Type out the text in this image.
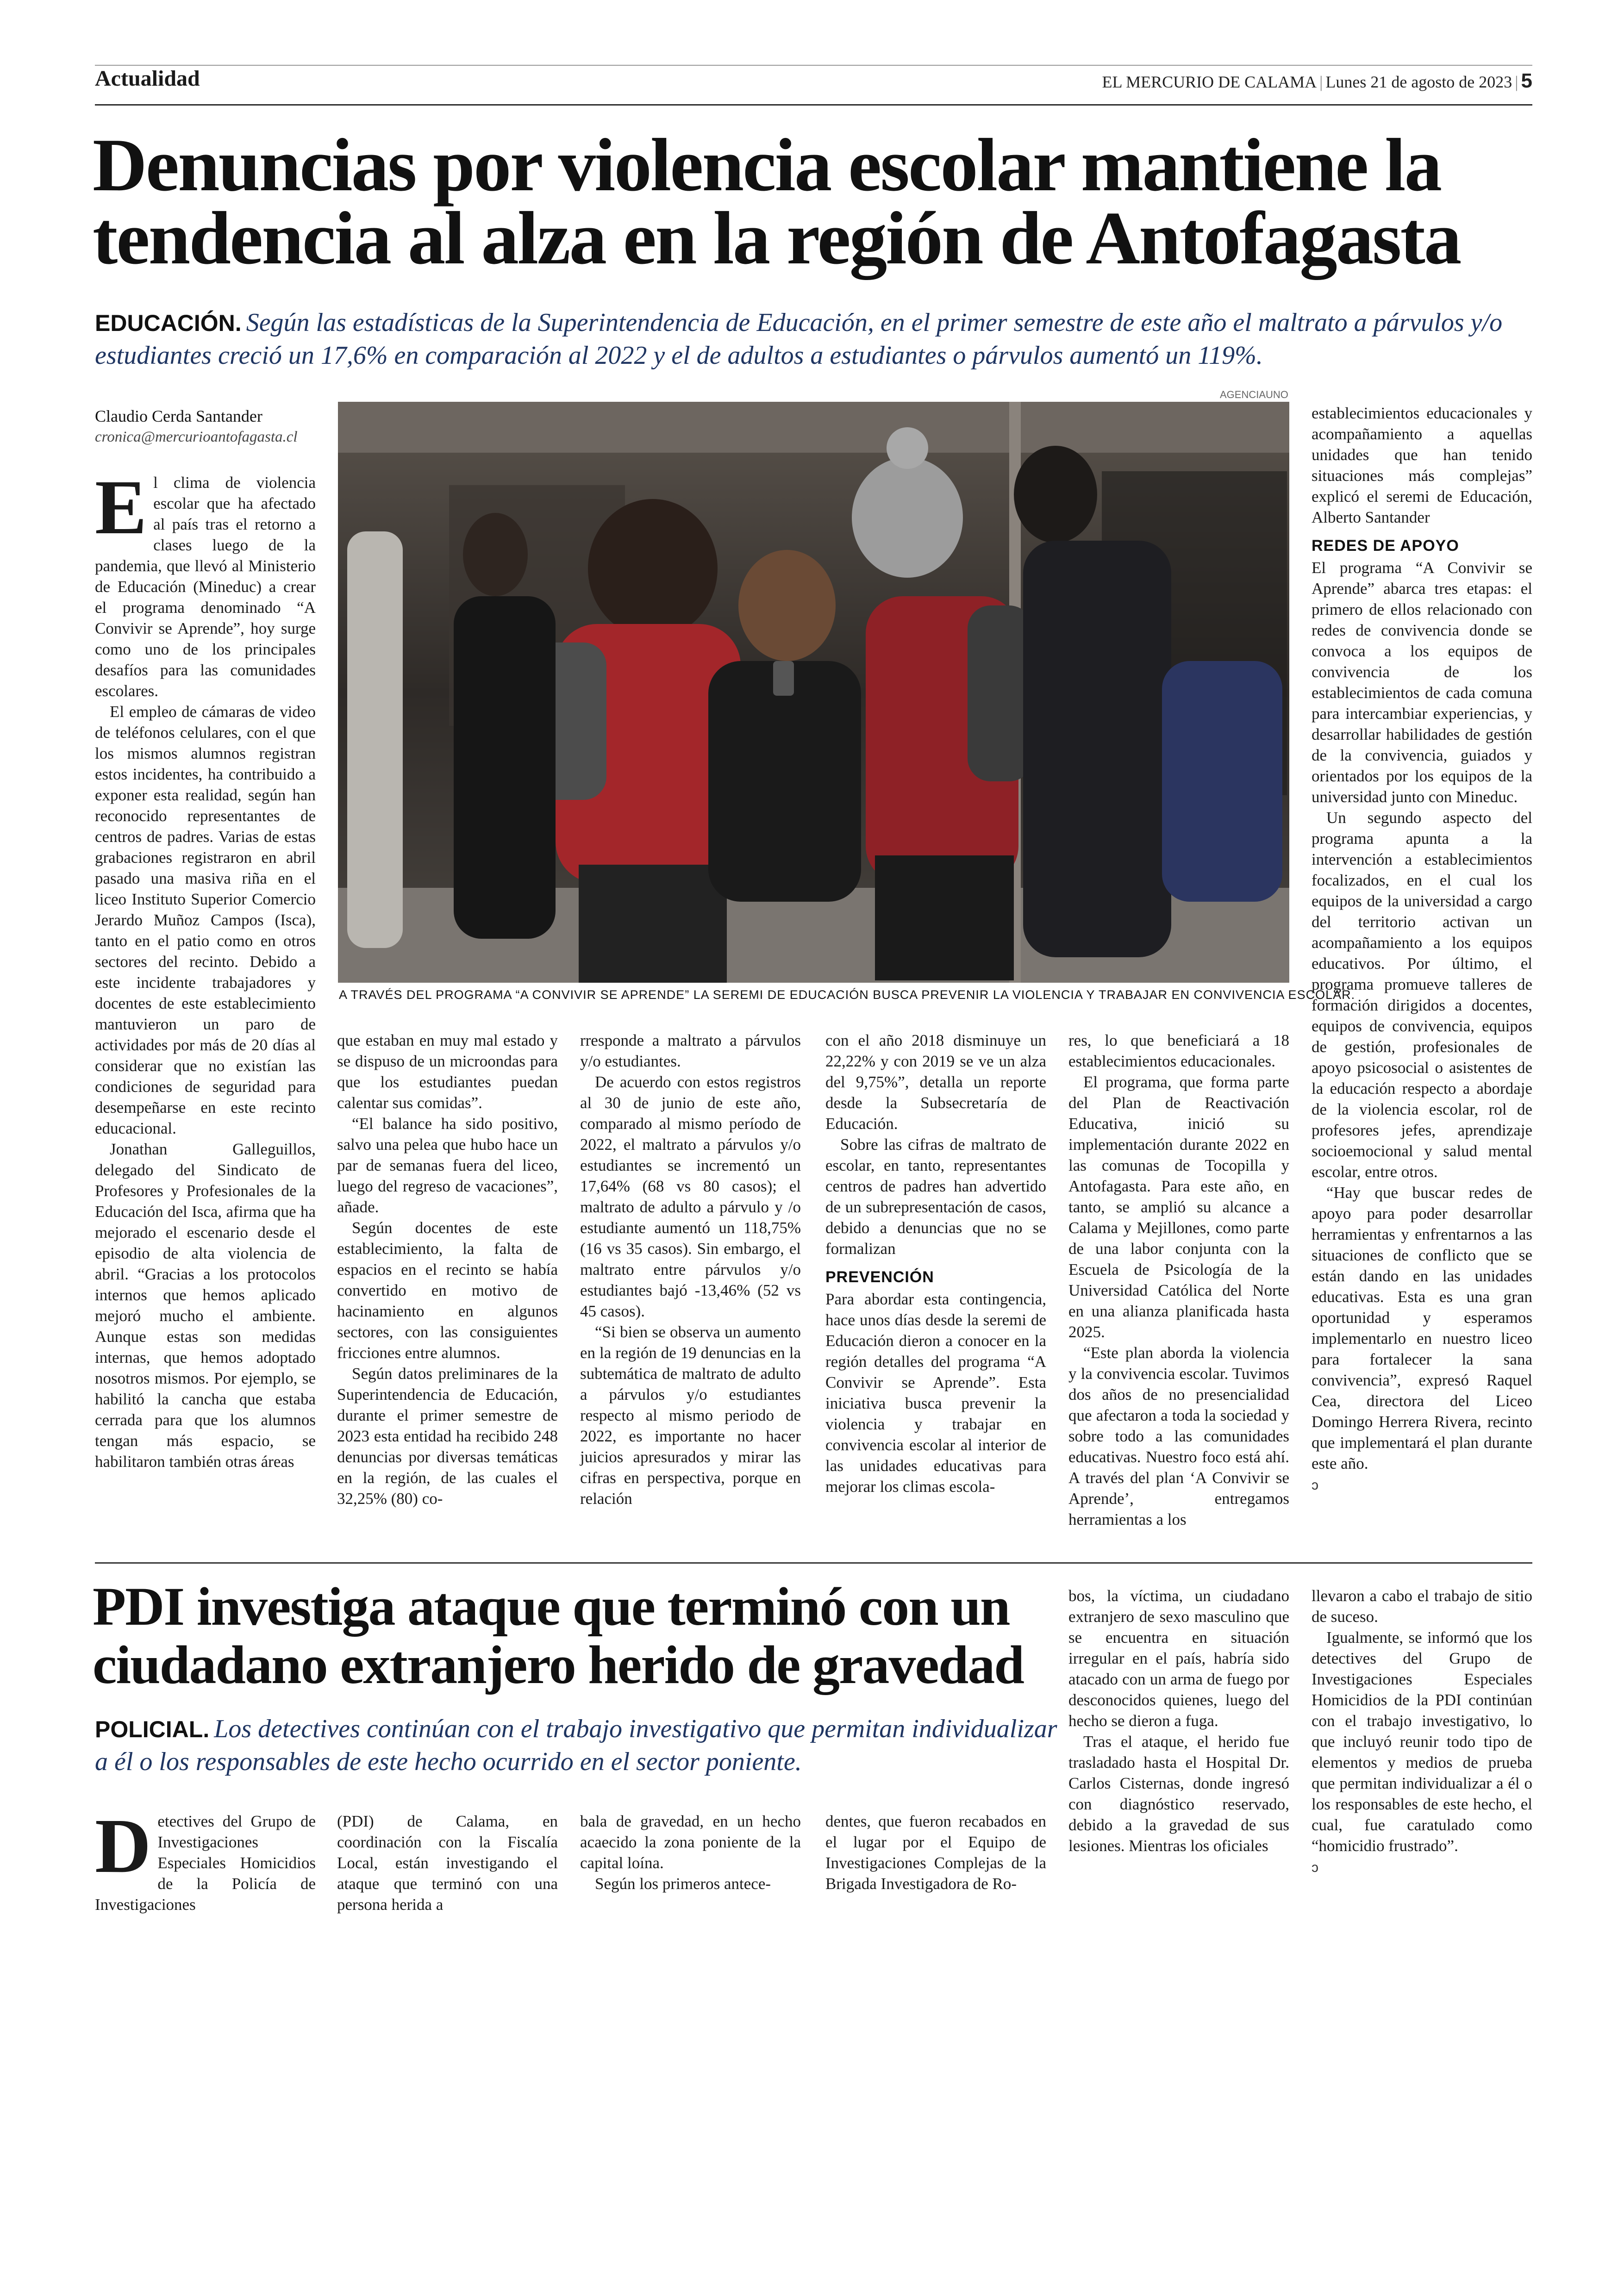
Actualidad	EL MERCURIO DE CALAMA | Lunes 21 de agosto de 2023 | 5
Denuncias por violencia escolar mantiene la
tendencia al alza en la región de Antofagasta
EDUCACIÓN. Según las estadísticas de la Superintendencia de Educación, en el primer semestre de este año el maltrato a párvulos y/o estudiantes creció un 17,6% en comparación al 2022 y el de adultos a estudiantes o párvulos aumentó un 119%.
Claudio Cerda Santander
cronica@mercurioantofagasta.cl
AGENCIAUNO
A TRAVÉS DEL PROGRAMA “A CONVIVIR SE APRENDE” LA SEREMI DE EDUCACIÓN BUSCA PREVENIR LA VIOLENCIA Y TRABAJAR EN CONVIVENCIA ESCOLAR.
E l clima de violencia escolar que ha afectado al país tras el retorno a clases luego de la pandemia, que llevó al Ministerio de Educación (Mineduc) a crear el programa denominado “A Convivir se Aprende”, hoy surge como uno de los principales desafíos para las comunidades escolares.

El empleo de cámaras de video de teléfonos celulares, con el que los mismos alumnos registran estos incidentes, ha contribuido a exponer esta realidad, según han reconocido representantes de centros de padres. Varias de estas grabaciones registraron en abril pasado una masiva riña en el liceo Instituto Superior Comercio Jerardo Muñoz Campos (Isca), tanto en el patio como en otros sectores del recinto. Debido a este incidente trabajadores y docentes de este establecimiento mantuvieron un paro de actividades por más de 20 días al considerar que no existían las condiciones de seguridad para desempeñarse en este recinto educacional.

Jonathan Galleguillos, delegado del Sindicato de Profesores y Profesionales de la Educación del Isca, afirma que ha mejorado el escenario desde el episodio de alta violencia de abril. “Gracias a los protocolos internos que hemos aplicado mejoró mucho el ambiente. Aunque estas son medidas internas, que hemos adoptado nosotros mismos. Por ejemplo, se habilitó la cancha que estaba cerrada para que los alumnos tengan más espacio, se habilitaron también otras áreas

que estaban en muy mal estado y se dispuso de un microondas para que los estudiantes puedan calentar sus comidas”.

“El balance ha sido positivo, salvo una pelea que hubo hace un par de semanas fuera del liceo, luego del regreso de vacaciones”, añade.

Según docentes de este establecimiento, la falta de espacios en el recinto se había convertido en motivo de hacinamiento en algunos sectores, con las consiguientes fricciones entre alumnos.

Según datos preliminares de la Superintendencia de Educación, durante el primer semestre de 2023 esta entidad ha recibido 248 denuncias por diversas temáticas en la región, de las cuales el 32,25% (80) co-

rresponde a maltrato a párvulos y/o estudiantes.

De acuerdo con estos registros al 30 de junio de este año, comparado al mismo período de 2022, el maltrato a párvulos y/o estudiantes se incrementó un 17,64% (68 vs 80 casos); el maltrato de adulto a párvulo y /o estudiante aumentó un 118,75% (16 vs 35 casos). Sin embargo, el maltrato entre párvulos y/o estudiantes bajó -13,46% (52 vs 45 casos).

“Si bien se observa un aumento en la región de 19 denuncias en la subtemática de maltrato de adulto a párvulos y/o estudiantes respecto al mismo periodo de 2022, es importante no hacer juicios apresurados y mirar las cifras en perspectiva, porque en relación

con el año 2018 disminuye un 22,22% y con 2019 se ve un alza del 9,75%”, detalla un reporte desde la Subsecretaría de Educación.

Sobre las cifras de maltrato de escolar, en tanto, representantes centros de padres han advertido de un subrepresentación de casos, debido a denuncias que no se formalizan

PREVENCIÓN

Para abordar esta contingencia, hace unos días desde la seremi de Educación dieron a conocer en la región detalles del programa “A Convivir se Aprende”. Esta iniciativa busca prevenir la violencia y trabajar en convivencia escolar al interior de las unidades educativas para mejorar los climas escola-

res, lo que beneficiará a 18 establecimientos educacionales.

El programa, que forma parte del Plan de Reactivación Educativa, inició su implementación durante 2022 en las comunas de Tocopilla y Antofagasta. Para este año, en tanto, se amplió su alcance a Calama y Mejillones, como parte de una labor conjunta con la Escuela de Psicología de la Universidad Católica del Norte en una alianza planificada hasta 2025.

“Este plan aborda la violencia y la convivencia escolar. Tuvimos dos años de no presencialidad que afectaron a toda la sociedad y sobre todo a las comunidades educativas. Nuestro foco está ahí. A través del plan ‘A Convivir se Aprende’, entregamos herramientas a los

establecimientos educacionales y acompañamiento a aquellas unidades que han tenido situaciones más complejas” explicó el seremi de Educación, Alberto Santander

REDES DE APOYO

El programa “A Convivir se Aprende” abarca tres etapas: el primero de ellos relacionado con redes de convivencia donde se convoca a los equipos de convivencia de los establecimientos de cada comuna para intercambiar experiencias, y desarrollar habilidades de gestión de la convivencia, guiados y orientados por los equipos de la universidad junto con Mineduc.

Un segundo aspecto del programa apunta a la intervención a establecimientos focalizados, en el cual los equipos de la universidad a cargo del territorio activan un acompañamiento a los equipos educativos. Por último, el programa promueve talleres de formación dirigidos a docentes, equipos de convivencia, equipos de gestión, profesionales de apoyo psicosocial o asistentes de la educación respecto a abordaje de la violencia escolar, rol de profesores jefes, aprendizaje socioemocional y salud mental escolar, entre otros.

“Hay que buscar redes de apoyo para poder desarrollar herramientas y enfrentarnos a las situaciones de conflicto que se están dando en las unidades educativas. Esta es una gran oportunidad y esperamos implementarlo en nuestro liceo para fortalecer la sana convivencia”, expresó Raquel Cea, directora del Liceo Domingo Herrera Rivera, recinto que implementará el plan durante este año.

ↄ
PDI investiga ataque que terminó con un
ciudadano extranjero herido de gravedad
POLICIAL. Los detectives continúan con el trabajo investigativo que permitan individualizar a él o los responsables de este hecho ocurrido en el sector poniente.
D etectives del Grupo de Investigaciones Especiales Homicidios de la Policía de Investigaciones

(PDI) de Calama, en coordinación con la Fiscalía Local, están investigando el ataque que terminó con una persona herida a

bala de gravedad, en un hecho acaecido la zona poniente de la capital loína.

Según los primeros antece-

dentes, que fueron recabados en el lugar por el Equipo de Investigaciones Complejas de la Brigada Investigadora de Ro-

bos, la víctima, un ciudadano extranjero de sexo masculino que se encuentra en situación irregular en el país, habría sido atacado con un arma de fuego por desconocidos quienes, luego del hecho se dieron a fuga.

Tras el ataque, el herido fue trasladado hasta el Hospital Dr. Carlos Cisternas, donde ingresó con diagnóstico reservado, debido a la gravedad de sus lesiones. Mientras los oficiales

llevaron a cabo el trabajo de sitio de suceso.

Igualmente, se informó que los detectives del Grupo de Investigaciones Especiales Homicidios de la PDI continúan con el trabajo investigativo, lo que incluyó reunir todo tipo de elementos y medios de prueba que permitan individualizar a él o los responsables de este hecho, el cual, fue caratulado como “homicidio frustrado”.

ↄ
